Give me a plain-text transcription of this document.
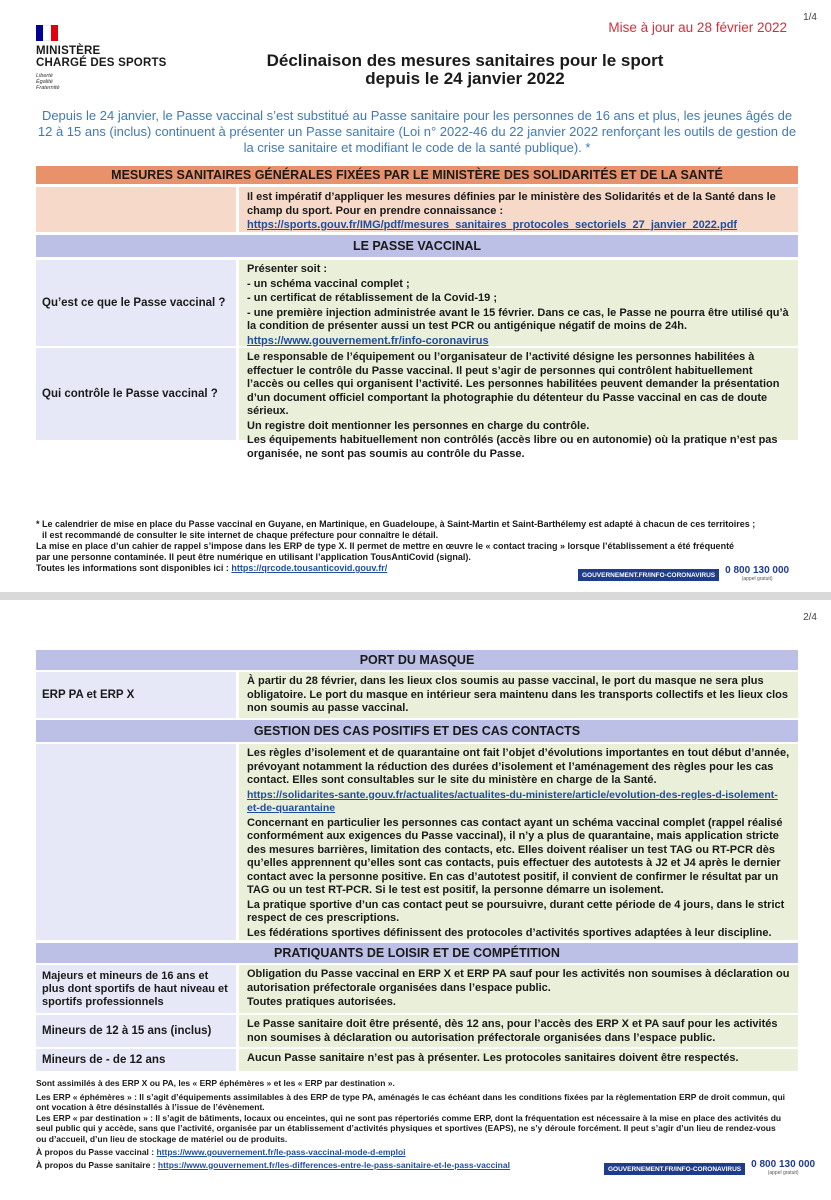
1/4
MINISTÈRE
CHARGÉ DES SPORTS
Liberté
Égalité
Fraternité
Mise à jour au 28 février 2022
Déclinaison des mesures sanitaires pour le sport
depuis le 24 janvier 2022
Depuis le 24 janvier, le Passe vaccinal s’est substitué au Passe sanitaire pour les personnes de 16 ans et plus, les jeunes âgés de 12 à 15 ans (inclus) continuent à présenter un Passe sanitaire (Loi n° 2022-46 du 22 janvier 2022 renforçant les outils de gestion de la crise sanitaire et modifiant le code de la santé publique). *
MESURES SANITAIRES GÉNÉRALES FIXÉES PAR LE MINISTÈRE DES SOLIDARITÉS ET DE LA SANTÉ

Il est impératif d’appliquer les mesures définies par le ministère des Solidarités et de la Santé dans le champ du sport. Pour en prendre connaissance :

https://sports.gouv.fr/IMG/pdf/mesures_sanitaires_protocoles_sectoriels_27_janvier_2022.pdf

LE PASSE VACCINAL
Qu’est ce que le Passe vaccinal ?

Présenter soit :

- un schéma vaccinal complet ;

- un certificat de rétablissement de la Covid-19 ;

- une première injection administrée avant le 15 février. Dans ce cas, le Passe ne pourra être utilisé qu’à la condition de présenter aussi un test PCR ou antigénique négatif de moins de 24h.

https://www.gouvernement.fr/info-coronavirus

Qui contrôle le Passe vaccinal ?

Le responsable de l’équipement ou l’organisateur de l’activité désigne les personnes habilitées à effectuer le contrôle du Passe vaccinal. Il peut s’agir de personnes qui contrôlent habituellement l’accès ou celles qui organisent l’activité. Les personnes habilitées peuvent demander la présentation d’un document officiel comportant la photographie du détenteur du Passe vaccinal en cas de doute sérieux.

Un registre doit mentionner les personnes en charge du contrôle.

Les équipements habituellement non contrôlés (accès libre ou en autonomie) où la pratique n’est pas organisée, ne sont pas soumis au contrôle du Passe.

* Le calendrier de mise en place du Passe vaccinal en Guyane, en Martinique, en Guadeloupe, à Saint-Martin et Saint-Barthélemy est adapté à chacun de ces territoires ;
il est recommandé de consulter le site internet de chaque préfecture pour connaître le détail.
La mise en place d’un cahier de rappel s’impose dans les ERP de type X. Il permet de mettre en œuvre le « contact tracing » lorsque l’établissement a été fréquenté
par une personne contaminée. Il peut être numérique en utilisant l’application TousAntiCovid (signal).
Toutes les informations sont disponibles ici : https://qrcode.tousanticovid.gouv.fr/
GOUVERNEMENT.FR/INFO-CORONAVIRUS 0 800 130 000
(appel gratuit)
2/4
PORT DU MASQUE
ERP PA et ERP X
À partir du 28 février, dans les lieux clos soumis au passe vaccinal, le port du masque ne sera plus obligatoire. Le port du masque en intérieur sera maintenu dans les transports collectifs et les lieux clos non soumis au passe vaccinal.
GESTION DES CAS POSITIFS ET DES CAS CONTACTS

Les règles d’isolement et de quarantaine ont fait l’objet d’évolutions importantes en tout début d’année, prévoyant notamment la réduction des durées d’isolement et l’aménagement des règles pour les cas contact. Elles sont consultables sur le site du ministère en charge de la Santé.

https://solidarites-sante.gouv.fr/actualites/actualites-du-ministere/article/evolution-des-regles-d-isolement-et-de-quarantaine

Concernant en particulier les personnes cas contact ayant un schéma vaccinal complet (rappel réalisé conformément aux exigences du Passe vaccinal), il n’y a plus de quarantaine, mais application stricte des mesures barrières, limitation des contacts, etc. Elles doivent réaliser un test TAG ou RT-PCR dès qu’elles apprennent qu’elles sont cas contacts, puis effectuer des autotests à J2 et J4 après le dernier contact avec la personne positive. En cas d’autotest positif, il convient de confirmer le résultat par un TAG ou un test RT-PCR. Si le test est positif, la personne démarre un isolement.

La pratique sportive d’un cas contact peut se poursuivre, durant cette période de 4 jours, dans le strict respect de ces prescriptions.

Les fédérations sportives définissent des protocoles d’activités sportives adaptées à leur discipline.

PRATIQUANTS DE LOISIR ET DE COMPÉTITION
Majeurs et mineurs de 16 ans et plus dont sportifs de haut niveau et sportifs professionnels

Obligation du Passe vaccinal en ERP X et ERP PA sauf pour les activités non soumises à déclaration ou autorisation préfectorale organisées dans l’espace public.

Toutes pratiques autorisées.

Mineurs de 12 à 15 ans (inclus)
Le Passe sanitaire doit être présenté, dès 12 ans, pour l’accès des ERP X et PA sauf pour les activités non soumises à déclaration ou autorisation préfectorale organisées dans l’espace public.
Mineurs de - de 12 ans	Aucun Passe sanitaire n’est pas à présenter. Les protocoles sanitaires doivent être respectés.
Sont assimilés à des ERP X ou PA, les « ERP éphémères » et les « ERP par destination ».
Les ERP « éphémères » : Il s’agit d’équipements assimilables à des ERP de type PA, aménagés le cas échéant dans les conditions fixées par la règlementation ERP de droit commun, qui ont vocation à être désinstallés à l’issue de l’évènement.
Les ERP « par destination » : Il s’agit de bâtiments, locaux ou enceintes, qui ne sont pas répertoriés comme ERP, dont la fréquentation est nécessaire à la mise en place des activités du seul public qui y accède, sans que l’activité, organisée par un établissement d’activités physiques et sportives (EAPS), ne s’y déroule forcément. Il peut s’agir d’un lieu de rendez-vous ou d’accueil, d’un lieu de stockage de matériel ou de produits.
À propos du Passe vaccinal : https://www.gouvernement.fr/le-pass-vaccinal-mode-d-emploi
À propos du Passe sanitaire : https://www.gouvernement.fr/les-differences-entre-le-pass-sanitaire-et-le-pass-vaccinal	GOUVERNEMENT.FR/INFO-CORONAVIRUS 0 800 130 000
(appel gratuit)
